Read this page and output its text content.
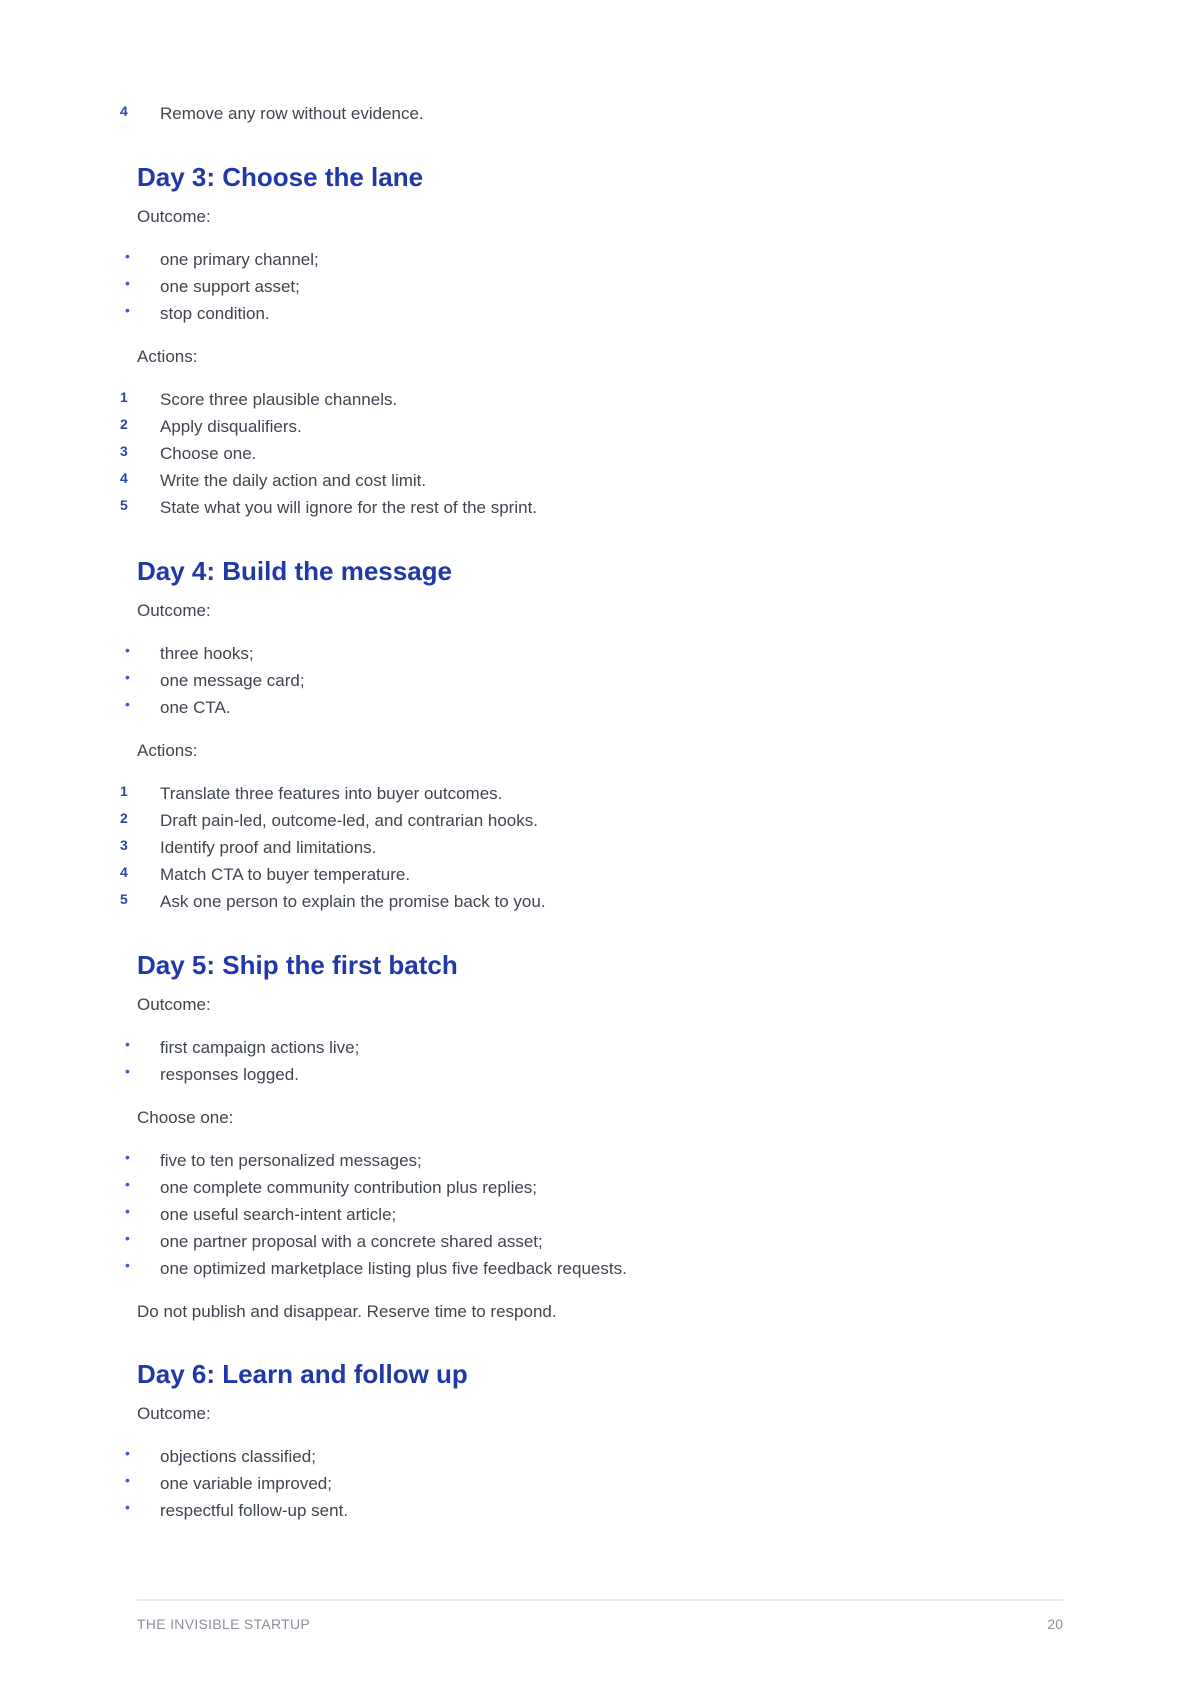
4	Remove any row without evidence.
Day 3: Choose the lane

Outcome:

• one primary channel;
• one support asset;
• stop condition.

Actions:

1	Score three plausible channels.
2	Apply disqualifiers.
3	Choose one.
4	Write the daily action and cost limit.
5	State what you will ignore for the rest of the sprint.
Day 4: Build the message

Outcome:

• three hooks;
• one message card;
• one CTA.

Actions:

1	Translate three features into buyer outcomes.
2	Draft pain-led, outcome-led, and contrarian hooks.
3	Identify proof and limitations.
4	Match CTA to buyer temperature.
5	Ask one person to explain the promise back to you.
Day 5: Ship the first batch

Outcome:

• first campaign actions live;
• responses logged.

Choose one:

• five to ten personalized messages;
• one complete community contribution plus replies;
• one useful search-intent article;
• one partner proposal with a concrete shared asset;
• one optimized marketplace listing plus five feedback requests.

Do not publish and disappear. Reserve time to respond.

Day 6: Learn and follow up

Outcome:

• objections classified;
• one variable improved;
• respectful follow-up sent.
THE INVISIBLE STARTUP	20
